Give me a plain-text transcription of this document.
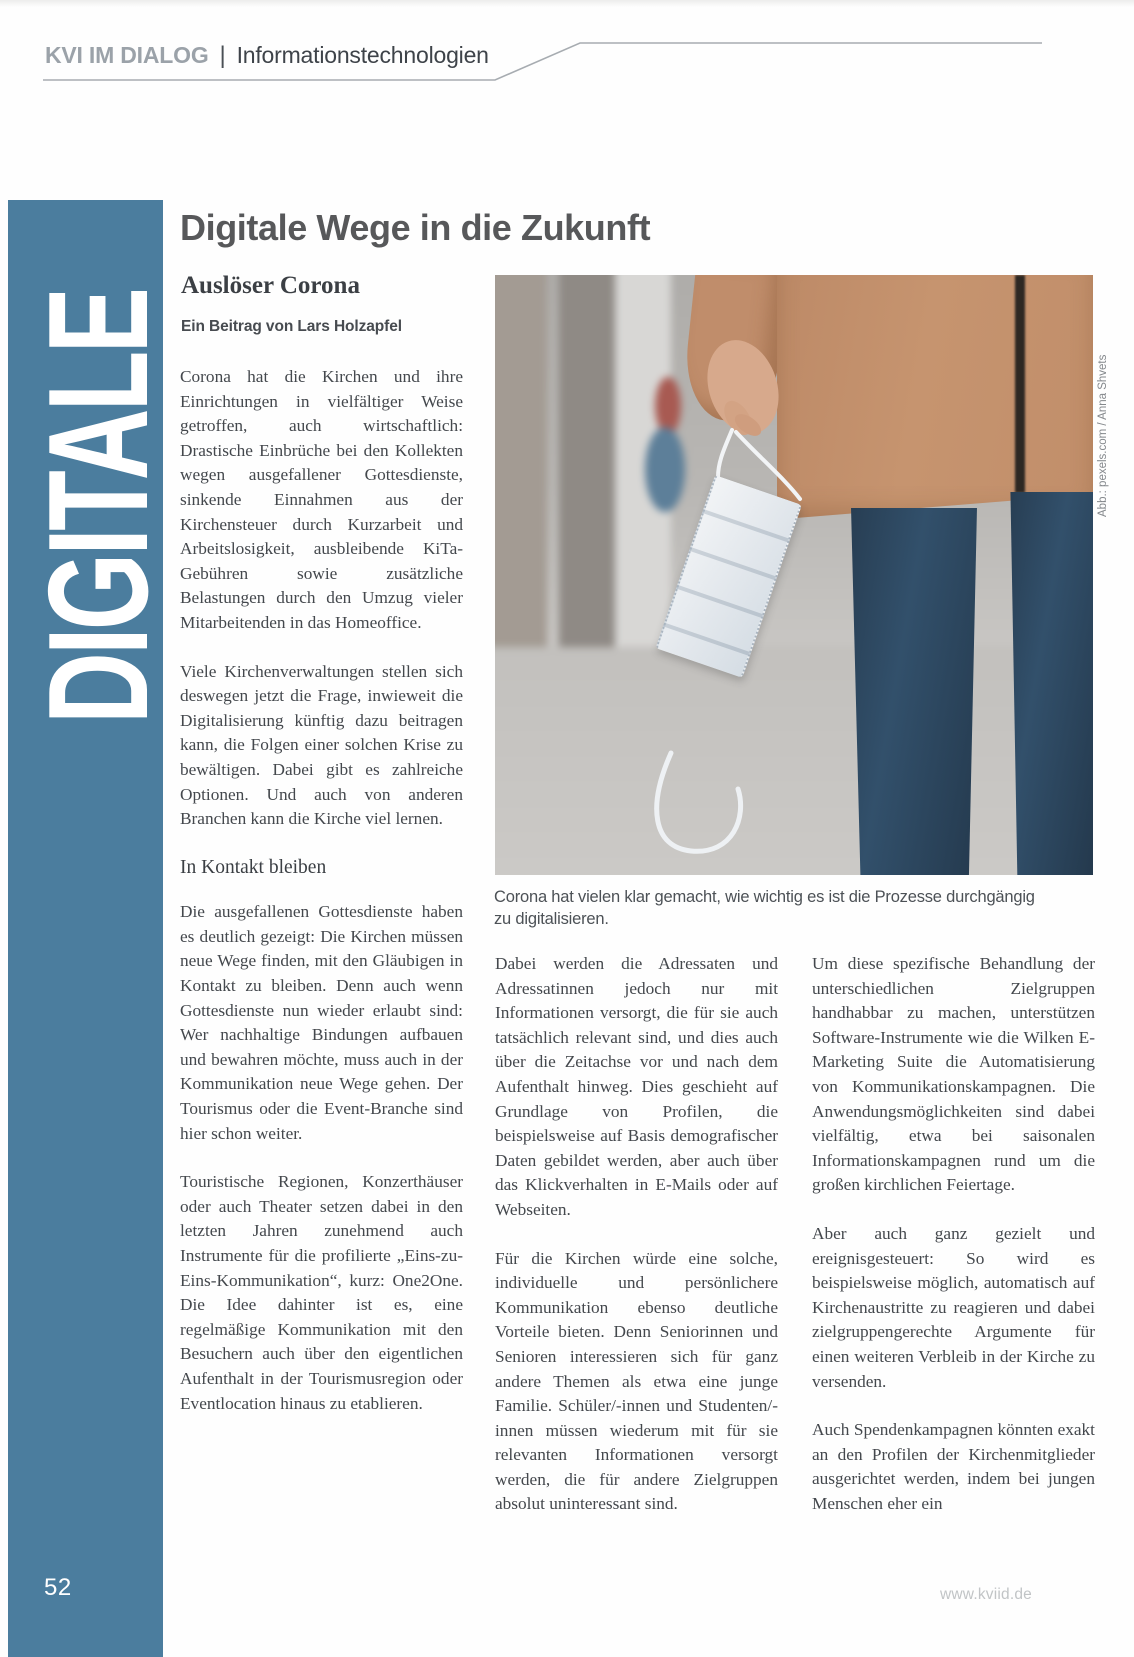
KVI IM DIALOG | Informationstechnologien
DIGITALE
52
Digitale Wege in die Zukunft
Auslöser Corona
Ein Beitrag von Lars Holzapfel

Corona hat die Kirchen und ihre Einrichtungen in vielfältiger Weise getroffen, auch wirtschaftlich: Drastische Einbrüche bei den Kollekten wegen ausgefallener Gottesdienste, sinkende Einnahmen aus der Kirchensteuer durch Kurzarbeit und Arbeitslosigkeit, ausbleibende KiTa-Gebühren sowie zusätzliche Belastungen durch den Umzug vieler Mitarbeitenden in das Homeoffice.

Viele Kirchenverwaltungen stellen sich deswegen jetzt die Frage, inwieweit die Digitalisierung künftig dazu beitragen kann, die Folgen einer solchen Krise zu bewältigen. Dabei gibt es zahlreiche Optionen. Und auch von anderen Branchen kann die Kirche viel lernen.

In Kontakt bleiben

Die ausgefallenen Gottesdienste haben es deutlich gezeigt: Die Kirchen müssen neue Wege finden, mit den Gläubigen in Kontakt zu bleiben. Denn auch wenn Gottesdienste nun wieder erlaubt sind: Wer nachhaltige Bindungen aufbauen und bewahren möchte, muss auch in der Kommunikation neue Wege gehen. Der Tourismus oder die Event-Branche sind hier schon weiter.

Touristische Regionen, Konzerthäuser oder auch Theater setzen dabei in den letzten Jahren zunehmend auch Instrumente für die profilierte „Eins-zu-Eins-Kommunikation“, kurz: One2One. Die Idee dahinter ist es, eine regelmäßige Kommunikation mit den Besuchern auch über den eigentlichen Aufenthalt in der Tourismusregion oder Eventlocation hinaus zu etablieren.

Abb.: pexels.com / Anna Shvets
Corona hat vielen klar gemacht, wie wichtig es ist die Prozesse durchgängig zu digitalisieren.

Dabei werden die Adressaten und Adressatinnen jedoch nur mit Informationen versorgt, die für sie auch tatsächlich relevant sind, und dies auch über die Zeitachse vor und nach dem Aufenthalt hinweg. Dies geschieht auf Grundlage von Profilen, die beispielsweise auf Basis demografischer Daten gebildet werden, aber auch über das Klickverhalten in E-Mails oder auf Webseiten.

Für die Kirchen würde eine solche, individuelle und persönlichere Kommunikation ebenso deutliche Vorteile bieten. Denn Seniorinnen und Senioren interessieren sich für ganz andere Themen als etwa eine junge Familie. Schüler/-innen und Studenten/-innen müssen wiederum mit für sie relevanten Informationen versorgt werden, die für andere Zielgruppen absolut uninteressant sind.

Um diese spezifische Behandlung der unterschiedlichen Zielgruppen handhabbar zu machen, unterstützen Software-Instrumente wie die Wilken E-Marketing Suite die Automatisierung von Kommunikationskampagnen. Die Anwendungsmöglichkeiten sind dabei vielfältig, etwa bei saisonalen Informationskampagnen rund um die großen kirchlichen Feiertage.

Aber auch ganz gezielt und ereignisgesteuert: So wird es beispielsweise möglich, automatisch auf Kirchenaustritte zu reagieren und dabei zielgruppengerechte Argumente für einen weiteren Verbleib in der Kirche zu versenden.

Auch Spendenkampagnen könnten exakt an den Profilen der Kirchenmitglieder ausgerichtet werden, indem bei jungen Menschen eher ein

www.kviid.de
